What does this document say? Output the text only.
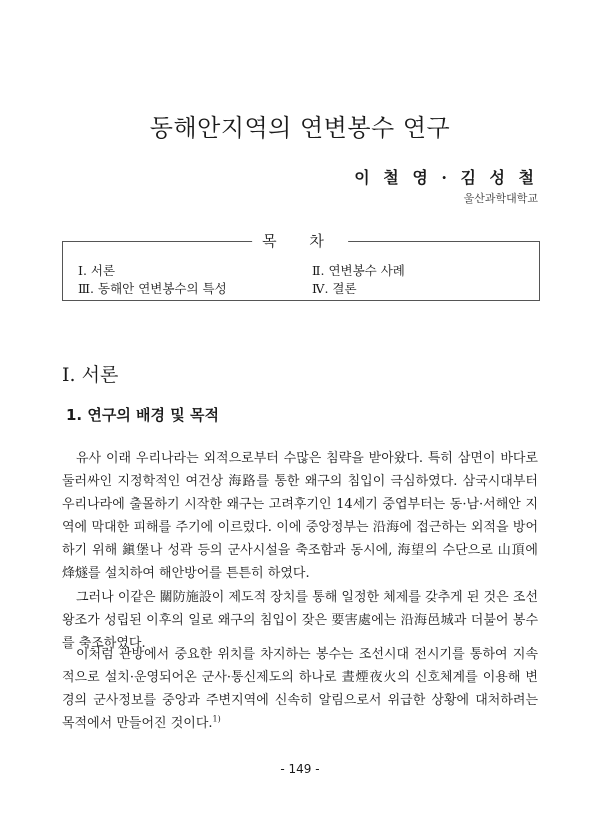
동해안지역의 연변봉수 연구
이 철 영 · 김 성 철
울산과학대학교
목 차
Ⅰ. 서론	Ⅱ. 연변봉수 사례
Ⅲ. 동해안 연변봉수의 특성	Ⅳ. 결론
Ⅰ. 서론
1. 연구의 배경 및 목적

유사 이래 우리나라는 외적으로부터 수많은 침략을 받아왔다. 특히 삼면이 바다로 둘러싸인 지정학적인 여건상 海路를 통한 왜구의 침입이 극심하였다. 삼국시대부터 우리나라에 출몰하기 시작한 왜구는 고려후기인 14세기 중엽부터는 동·남·서해안 지역에 막대한 피해를 주기에 이르렀다. 이에 중앙정부는 沿海에 접근하는 외적을 방어하기 위해 鎭堡나 성곽 등의 군사시설을 축조함과 동시에, 海望의 수단으로 山頂에 烽燧를 설치하여 해안방어를 튼튼히 하였다.

그러나 이같은 關防施設이 제도적 장치를 통해 일정한 체제를 갖추게 된 것은 조선왕조가 성립된 이후의 일로 왜구의 침입이 잦은 要害處에는 沿海邑城과 더불어 봉수를 축조하였다.

이처럼 관방에서 중요한 위치를 차지하는 봉수는 조선시대 전시기를 통하여 지속적으로 설치·운영되어온 군사·통신제도의 하나로 晝煙夜火의 신호체계를 이용해 변경의 군사정보를 중앙과 주변지역에 신속히 알림으로서 위급한 상황에 대처하려는 목적에서 만들어진 것이다.$^{1)}$

- 149 -
